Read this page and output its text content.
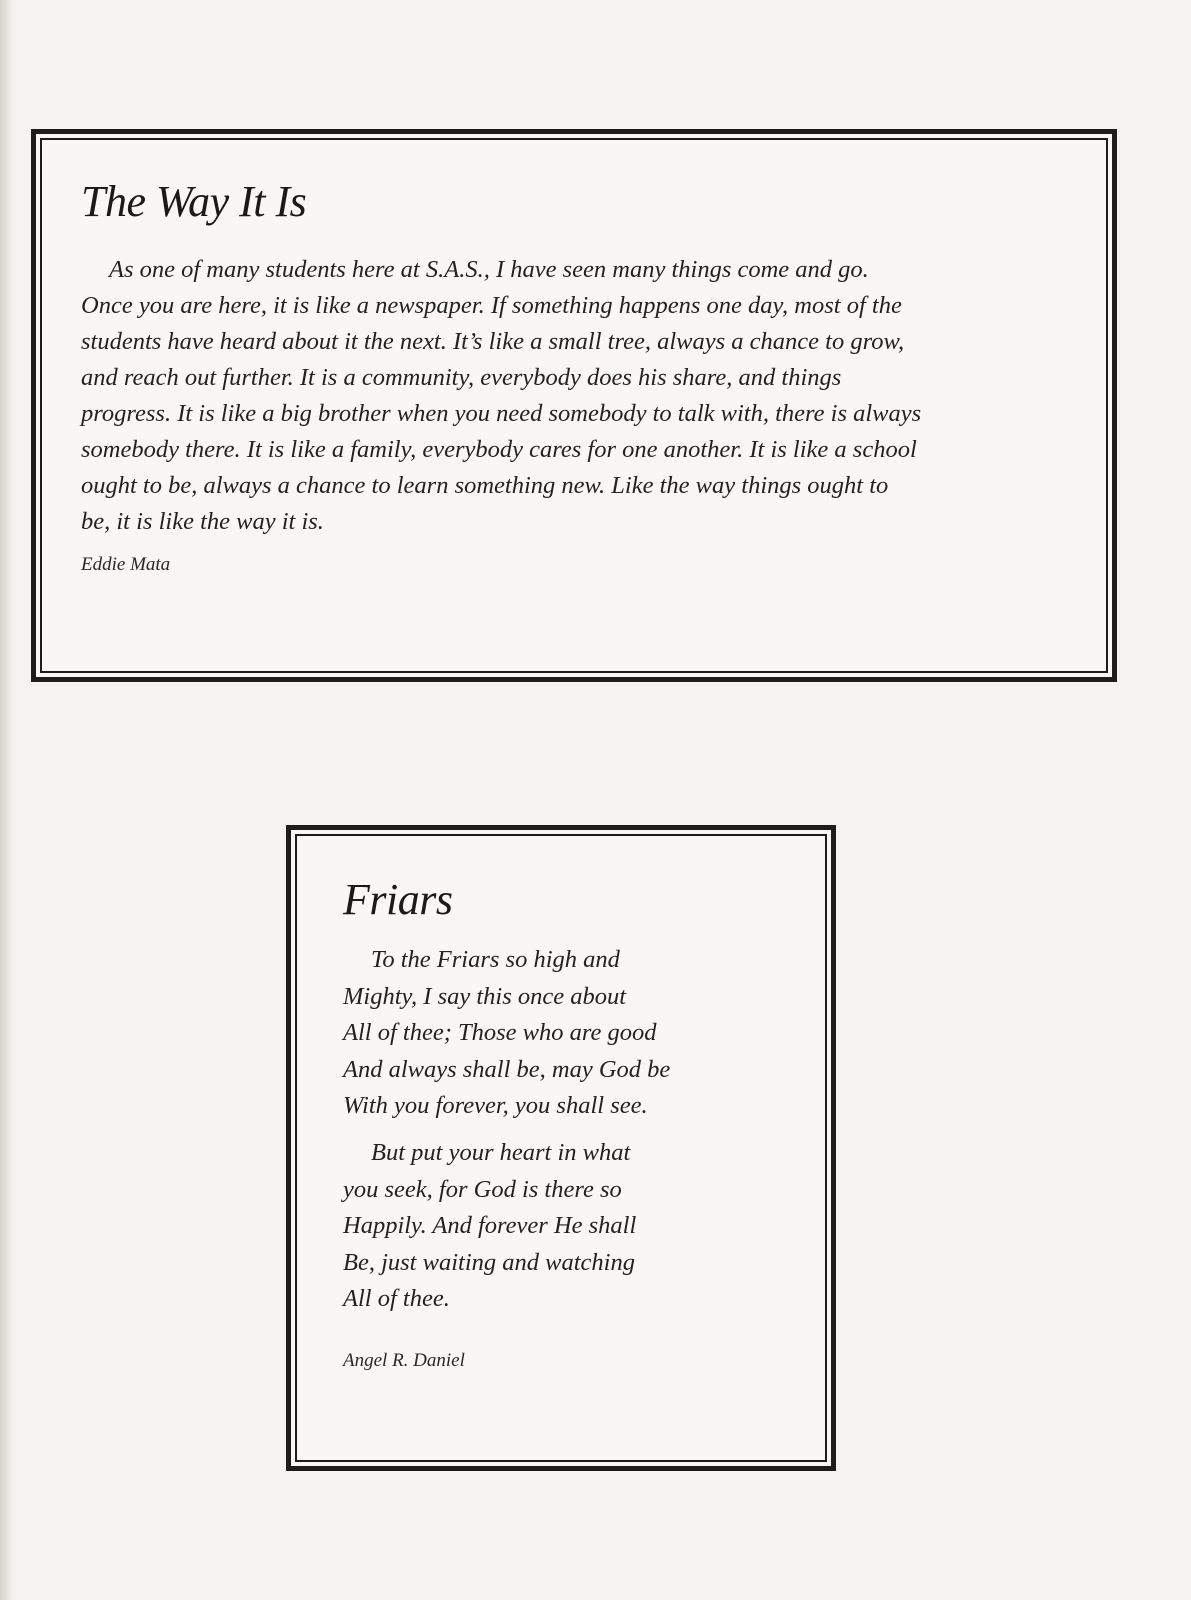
The Way It Is

As one of many students here at S.A.S., I have seen many things come and go.
Once you are here, it is like a newspaper. If something happens one day, most of the
students have heard about it the next. It’s like a small tree, always a chance to grow,
and reach out further. It is a community, everybody does his share, and things
progress. It is like a big brother when you need somebody to talk with, there is always
somebody there. It is like a family, everybody cares for one another. It is like a school
ought to be, always a chance to learn something new. Like the way things ought to
be, it is like the way it is.

Eddie Mata

Friars

To the Friars so high and
Mighty, I say this once about
All of thee; Those who are good
And always shall be, may God be
With you forever, you shall see.

But put your heart in what
you seek, for God is there so
Happily. And forever He shall
Be, just waiting and watching
All of thee.

Angel R. Daniel
